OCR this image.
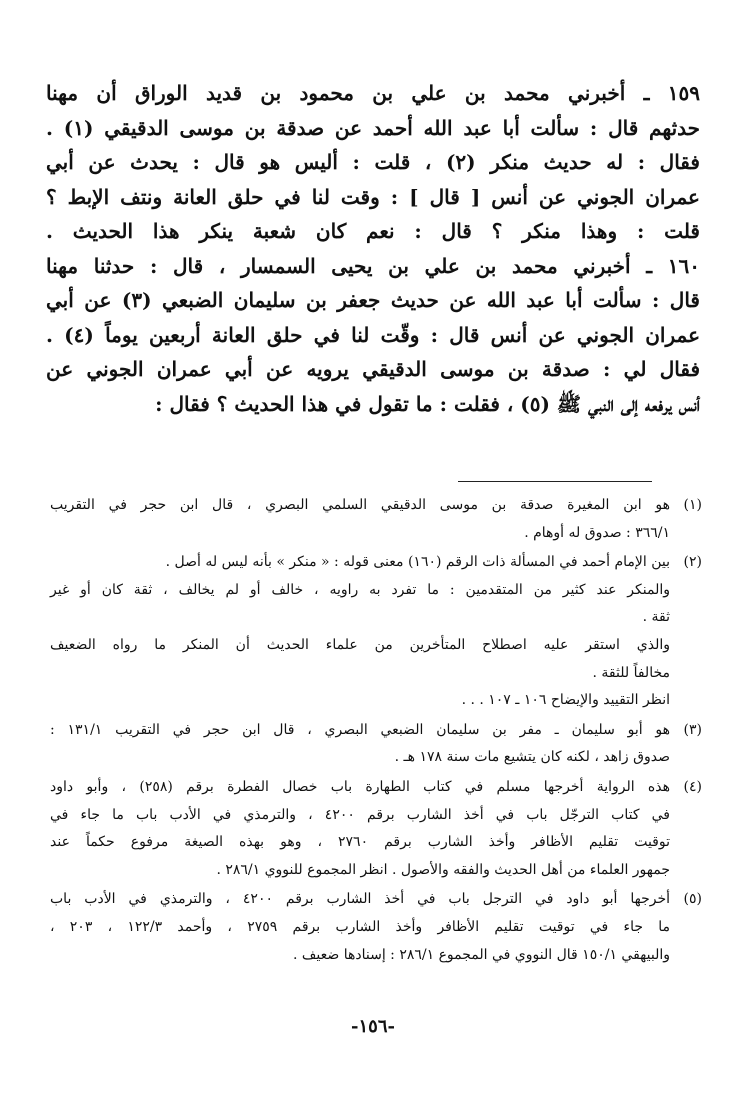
١٥٩ ـ أخبرني محمد بن علي بن محمود بن قديد الوراق أن مهنا
حدثهم قال : سألت أبا عبد الله أحمد عن صدقة بن موسى الدقيقي (١) .
فقال : له حديث منكر (٢) ، قلت : أليس هو قال : يحدث عن أبي
عمران الجوني عن أنس [ قال ] : وقت لنا في حلق العانة ونتف الإبط ؟
قلت : وهذا منكر ؟ قال : نعم كان شعبة ينكر هذا الحديث .
١٦٠ ـ أخبرني محمد بن علي بن يحيى السمسار ، قال : حدثنا مهنا
قال : سألت أبا عبد الله عن حديث جعفر بن سليمان الضبعي (٣) عن أبي
عمران الجوني عن أنس قال : وقّت لنا في حلق العانة أربعين يوماً (٤) .
فقال لي : صدقة بن موسى الدقيقي يرويه عن أبي عمران الجوني عن
أنس يرفعه إلى النبي ﷺ (٥) ، فقلت : ما تقول في هذا الحديث ؟ فقال :
(١)
هو ابن المغيرة صدقة بن موسى الدقيقي السلمي البصري ، قال ابن حجر في التقريب
٣٦٦/١ : صدوق له أوهام .
(٢)
بين الإمام أحمد في المسألة ذات الرقم (١٦٠) معنى قوله : « منكر » بأنه ليس له أصل .
والمنكر عند كثير من المتقدمين : ما تفرد به راويه ، خالف أو لم يخالف ، ثقة كان أو غير
ثقة .
والذي استقر عليه اصطلاح المتأخرين من علماء الحديث أن المنكر ما رواه الضعيف
مخالفاً للثقة .
انظر التقييد والإيضاح ١٠٦ ـ ١٠٧ . . .
(٣)
هو أبو سليمان ـ مفر بن سليمان الضبعي البصري ، قال ابن حجر في التقريب ١٣١/١ :
صدوق زاهد ، لكنه كان يتشيع مات سنة ١٧٨ هـ .
(٤)
هذه الرواية أخرجها مسلم في كتاب الطهارة باب خصال الفطرة برقم (٢٥٨) ، وأبو داود
في كتاب الترجّل باب في أخذ الشارب برقم ٤٢٠٠ ، والترمذي في الأدب باب ما جاء في
توقيت تقليم الأظافر وأخذ الشارب برقم ٢٧٦٠ ، وهو بهذه الصيغة مرفوع حكماً عند
جمهور العلماء من أهل الحديث والفقه والأصول . انظر المجموع للنووي ٢٨٦/١ .
(٥)
أخرجها أبو داود في الترجل باب في أخذ الشارب برقم ٤٢٠٠ ، والترمذي في الأدب باب
ما جاء في توقيت تقليم الأظافر وأخذ الشارب برقم ٢٧٥٩ ، وأحمد ١٢٢/٣ ، ٢٠٣ ،
والبيهقي ١٥٠/١ قال النووي في المجموع ٢٨٦/١ : إسنادها ضعيف .
-١٥٦-
